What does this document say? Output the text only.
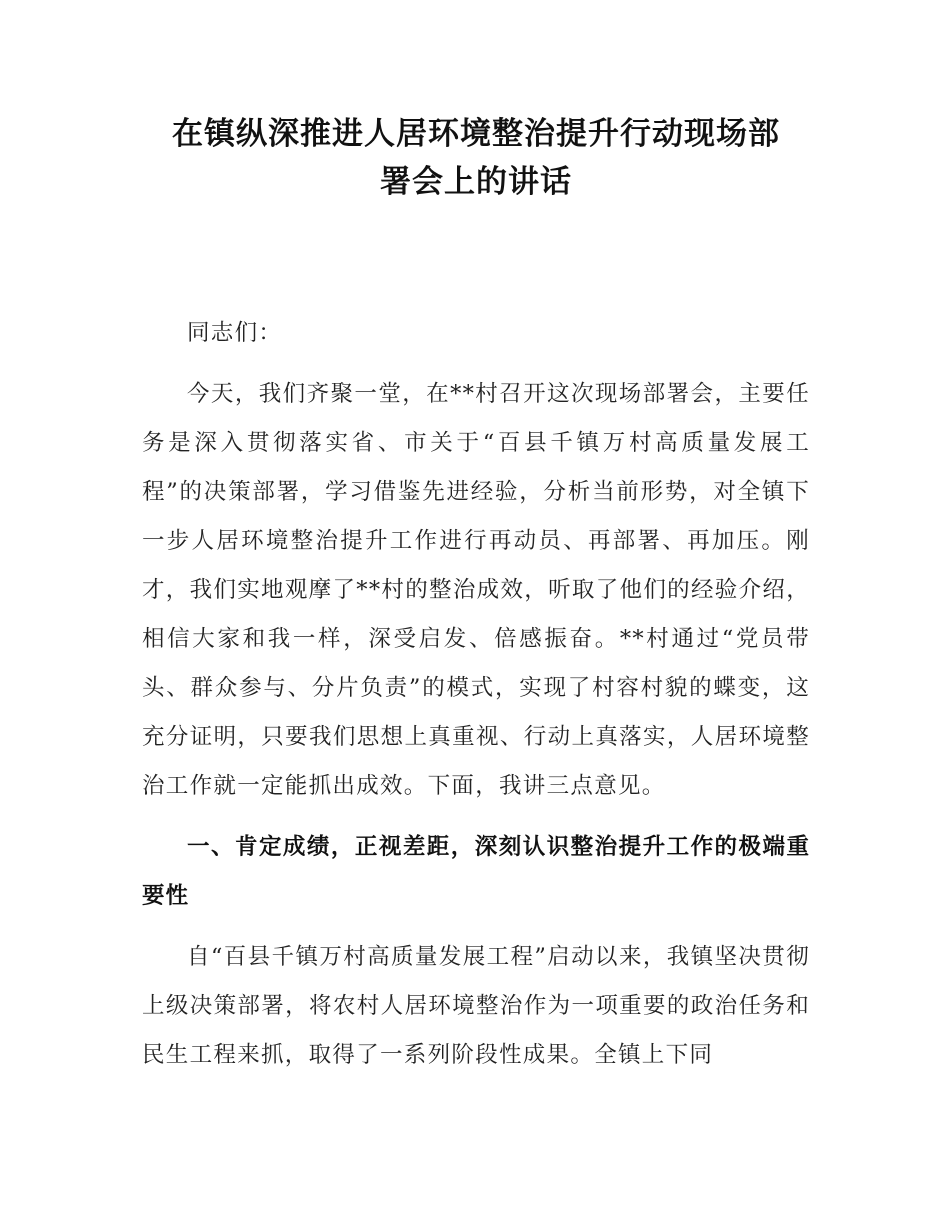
在镇纵深推进人居环境整治提升行动现场部
署会上的讲话

同志们：

今天，我们齐聚一堂，在**村召开这次现场部署会，主要任务是深入贯彻落实省、市关于“百县千镇万村高质量发展工程”的决策部署，学习借鉴先进经验，分析当前形势，对全镇下一步人居环境整治提升工作进行再动员、再部署、再加压。刚才，我们实地观摩了**村的整治成效，听取了他们的经验介绍，相信大家和我一样，深受启发、倍感振奋。**村通过“党员带头、群众参与、分片负责”的模式，实现了村容村貌的蝶变，这充分证明，只要我们思想上真重视、行动上真落实，人居环境整治工作就一定能抓出成效。下面，我讲三点意见。

一、肯定成绩，正视差距，深刻认识整治提升工作的极端重要性

自“百县千镇万村高质量发展工程”启动以来，我镇坚决贯彻上级决策部署，将农村人居环境整治作为一项重要的政治任务和民生工程来抓，取得了一系列阶段性成果。全镇上下同
